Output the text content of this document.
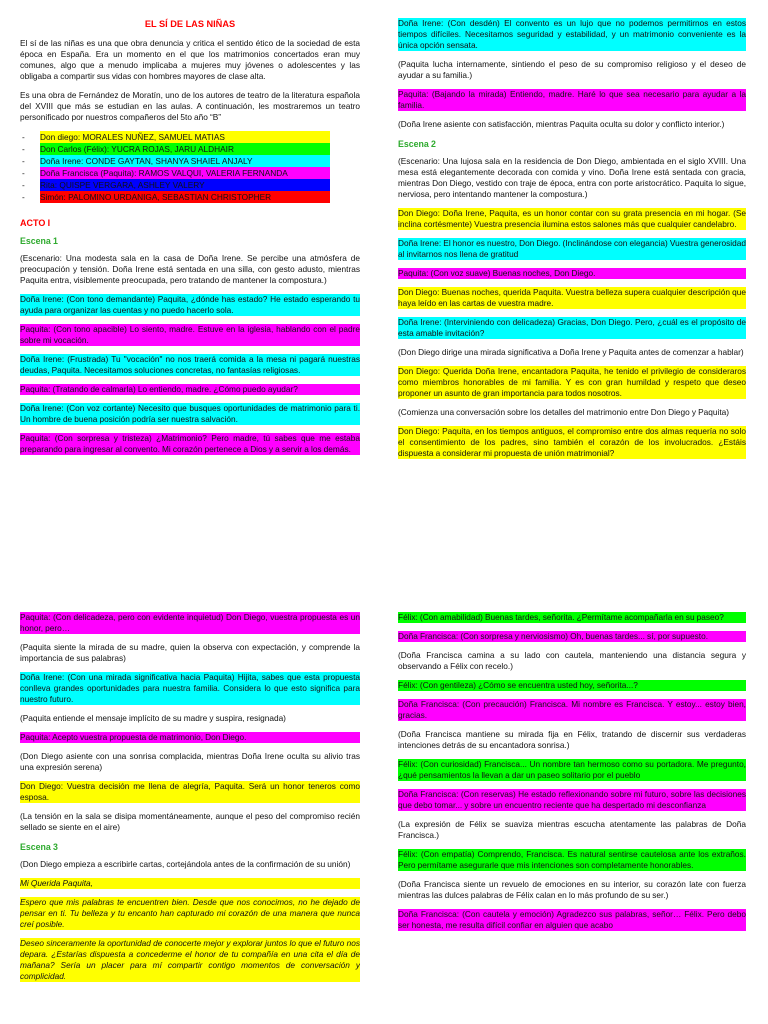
EL SÍ DE LAS NIÑAS

El sí de las niñas es una que obra denuncia y critica el sentido ético de la sociedad de esta época en España. Era un momento en el que los matrimonios concertados eran muy comunes, algo que a menudo implicaba a mujeres muy jóvenes o adolescentes y las obligaba a compartir sus vidas con hombres mayores de clase alta.

Es una obra de Fernández de Moratín, uno de los autores de teatro de la literatura española del XVIII que más se estudian en las aulas. A continuación, les mostraremos un teatro personificado por nuestros compañeros del 5to año “B”

-	Don diego: MORALES NUÑEZ, SAMUEL MATIAS
-	Don Carlos (Félix): YUCRA ROJAS, JARU ALDHAIR
-	Doña Irene: CONDE GAYTAN, SHANYA SHAIEL ANJALY
-	Doña Francisca (Paquita): RAMOS VALQUI, VALERIA FERNANDA
-	Rita: QUISPE VERGARA, ASHLEY VALERY
-	Simón: PALOMINO URDANIGA, SEBASTIAN CHRISTOPHER

ACTO I

Escena 1

(Escenario: Una modesta sala en la casa de Doña Irene. Se percibe una atmósfera de preocupación y tensión. Doña Irene está sentada en una silla, con gesto adusto, mientras Paquita entra, visiblemente preocupada, pero tratando de mantener la compostura.)

Doña Irene: (Con tono demandante) Paquita, ¿dónde has estado? He estado esperando tu ayuda para organizar las cuentas y no puedo hacerlo sola.

Paquita: (Con tono apacible) Lo siento, madre. Estuve en la iglesia, hablando con el padre sobre mi vocación.

Doña Irene: (Frustrada) Tu "vocación" no nos traerá comida a la mesa ni pagará nuestras deudas, Paquita. Necesitamos soluciones concretas, no fantasías religiosas.

Paquita: (Tratando de calmarla) Lo entiendo, madre. ¿Cómo puedo ayudar?

Doña Irene: (Con voz cortante) Necesito que busques oportunidades de matrimonio para ti. Un hombre de buena posición podría ser nuestra salvación.

Paquita: (Con sorpresa y tristeza) ¿Matrimonio? Pero madre, tú sabes que me estaba preparando para ingresar al convento. Mi corazón pertenece a Dios y a servir a los demás.

Doña Irene: (Con desdén) El convento es un lujo que no podemos permitirnos en estos tiempos difíciles. Necesitamos seguridad y estabilidad, y un matrimonio conveniente es la única opción sensata.

(Paquita lucha internamente, sintiendo el peso de su compromiso religioso y el deseo de ayudar a su familia.)

Paquita: (Bajando la mirada) Entiendo, madre. Haré lo que sea necesario para ayudar a la familia.

(Doña Irene asiente con satisfacción, mientras Paquita oculta su dolor y conflicto interior.)

Escena 2

(Escenario: Una lujosa sala en la residencia de Don Diego, ambientada en el siglo XVIII. Una mesa está elegantemente decorada con comida y vino. Doña Irene está sentada con gracia, mientras Don Diego, vestido con traje de época, entra con porte aristocrático. Paquita lo sigue, nerviosa, pero intentando mantener la compostura.)

Don Diego: Doña Irene, Paquita, es un honor contar con su grata presencia en mi hogar. (Se inclina cortésmente) Vuestra presencia ilumina estos salones más que cualquier candelabro.

Doña Irene: El honor es nuestro, Don Diego. (Inclinándose con elegancia) Vuestra generosidad al invitarnos nos llena de gratitud

Paquita: (Con voz suave) Buenas noches, Don Diego.

Don Diego: Buenas noches, querida Paquita. Vuestra belleza supera cualquier descripción que haya leído en las cartas de vuestra madre.

Doña Irene: (Interviniendo con delicadeza) Gracias, Don Diego. Pero, ¿cuál es el propósito de esta amable invitación?

(Don Diego dirige una mirada significativa a Doña Irene y Paquita antes de comenzar a hablar)

Don Diego: Querida Doña Irene, encantadora Paquita, he tenido el privilegio de consideraros como miembros honorables de mi familia. Y es con gran humildad y respeto que deseo proponer un asunto de gran importancia para todos nosotros.

(Comienza una conversación sobre los detalles del matrimonio entre Don Diego y Paquita)

Don Diego: Paquita, en los tiempos antiguos, el compromiso entre dos almas requería no solo el consentimiento de los padres, sino también el corazón de los involucrados. ¿Estáis dispuesta a considerar mi propuesta de unión matrimonial?

Paquita: (Con delicadeza, pero con evidente inquietud) Don Diego, vuestra propuesta es un honor, pero…

(Paquita siente la mirada de su madre, quien la observa con expectación, y comprende la importancia de sus palabras)

Doña Irene: (Con una mirada significativa hacia Paquita) Hijita, sabes que esta propuesta conlleva grandes oportunidades para nuestra familia. Considera lo que esto significa para nuestro futuro.

(Paquita entiende el mensaje implícito de su madre y suspira, resignada)

Paquita: Acepto vuestra propuesta de matrimonio, Don Diego.

(Don Diego asiente con una sonrisa complacida, mientras Doña Irene oculta su alivio tras una expresión serena)

Don Diego: Vuestra decisión me llena de alegría, Paquita. Será un honor teneros como esposa.

(La tensión en la sala se disipa momentáneamente, aunque el peso del compromiso recién sellado se siente en el aire)

Escena 3

(Don Diego empieza a escribirle cartas, cortejándola antes de la confirmación de su unión)

Mi Querida Paquita,

Espero que mis palabras te encuentren bien. Desde que nos conocimos, no he dejado de pensar en ti. Tu belleza y tu encanto han capturado mi corazón de una manera que nunca creí posible.

Deseo sinceramente la oportunidad de conocerte mejor y explorar juntos lo que el futuro nos depara. ¿Estarías dispuesta a concederme el honor de tu compañía en una cita el día de mañana? Sería un placer para mí compartir contigo momentos de conversación y complicidad.

Félix: (Con amabilidad) Buenas tardes, señorita. ¿Permítame acompañarla en su paseo?

Doña Francisca: (Con sorpresa y nerviosismo) Oh, buenas tardes... sí, por supuesto.

(Doña Francisca camina a su lado con cautela, manteniendo una distancia segura y observando a Félix con recelo.)

Félix: (Con gentileza) ¿Cómo se encuentra usted hoy, señorita...?

Doña Francisca: (Con precaución) Francisca. Mi nombre es Francisca. Y estoy... estoy bien, gracias.

(Doña Francisca mantiene su mirada fija en Félix, tratando de discernir sus verdaderas intenciones detrás de su encantadora sonrisa.)

Félix: (Con curiosidad) Francisca... Un nombre tan hermoso como su portadora. Me pregunto, ¿qué pensamientos la llevan a dar un paseo solitario por el pueblo

Doña Francisca: (Con reservas) He estado reflexionando sobre mi futuro, sobre las decisiones que debo tomar... y sobre un encuentro reciente que ha despertado mi desconfianza

(La expresión de Félix se suaviza mientras escucha atentamente las palabras de Doña Francisca.)

Félix: (Con empatía) Comprendo, Francisca. Es natural sentirse cautelosa ante los extraños. Pero permítame asegurarle que mis intenciones son completamente honorables.

(Doña Francisca siente un revuelo de emociones en su interior, su corazón late con fuerza mientras las dulces palabras de Félix calan en lo más profundo de su ser.)

Doña Francisca: (Con cautela y emoción) Agradezco sus palabras, señor… Félix. Pero debo ser honesta, me resulta difícil confiar en alguien que acabo
